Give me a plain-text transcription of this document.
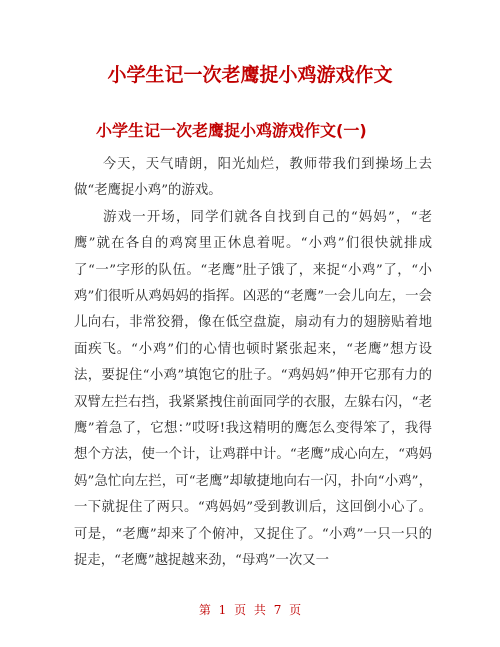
小学生记一次老鹰捉小鸡游戏作文
小学生记一次老鹰捉小鸡游戏作文(一)

　　今天，天气晴朗，阳光灿烂，教师带我们到操场上去做“老鹰捉小鸡”的游戏。

　　游戏一开场，同学们就各自找到自己的“妈妈”，“老鹰”就在各自的鸡窝里正休息着呢。“小鸡”们很快就排成了“一”字形的队伍。“老鹰”肚子饿了，来捉“小鸡”了，“小鸡”们很听从鸡妈妈的指挥。凶恶的“老鹰”一会儿向左，一会儿向右，非常狡猾，像在低空盘旋，扇动有力的翅膀贴着地面疾飞。“小鸡”们的心情也顿时紧张起来，“老鹰”想方设法，要捉住“小鸡”填饱它的肚子。“鸡妈妈”伸开它那有力的双臂左拦右挡，我紧紧拽住前面同学的衣服，左躲右闪，“老鹰”着急了，它想：”哎呀!我这精明的鹰怎么变得笨了，我得想个方法，使一个计，让鸡群中计。“老鹰”成心向左，“鸡妈妈”急忙向左拦，可“老鹰”却敏捷地向右一闪，扑向“小鸡”，一下就捉住了两只。“鸡妈妈”受到教训后，这回倒小心了。可是，“老鹰”却来了个俯冲，又捉住了。“小鸡”一只一只的捉走，“老鹰”越捉越来劲，“母鸡”一次又一

第 1 页 共 7 页
